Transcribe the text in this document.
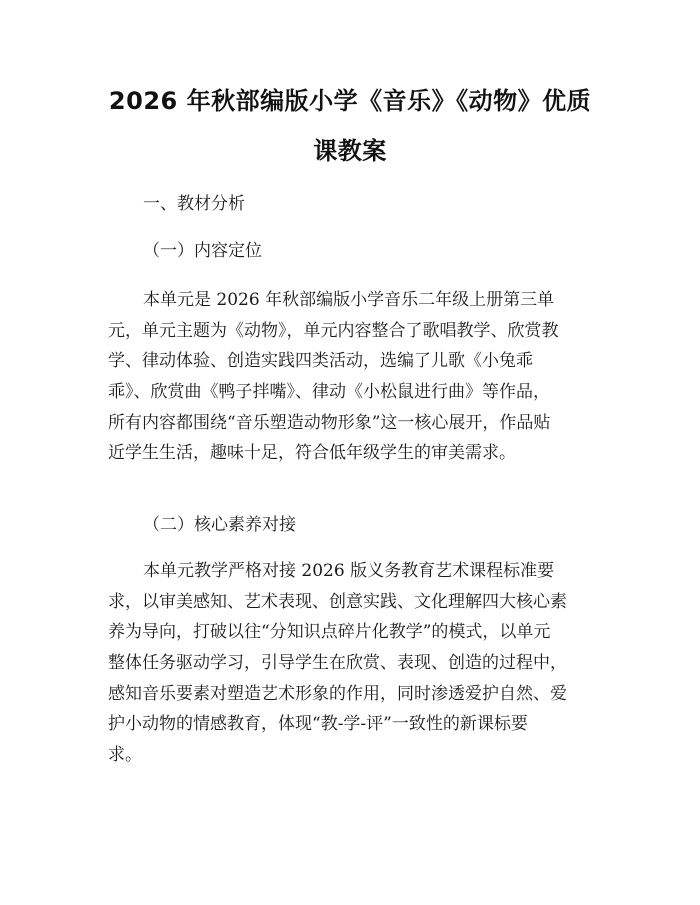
2026 年秋部编版小学《音乐》《动物》优质
课教案
一、教材分析
（一）内容定位
本单元是 2026 年秋部编版小学音乐二年级上册第三单
元，单元主题为《动物》，单元内容整合了歌唱教学、欣赏教
学、律动体验、创造实践四类活动，选编了儿歌《小兔乖
乖》、欣赏曲《鸭子拌嘴》、律动《小松鼠进行曲》等作品，
所有内容都围绕“音乐塑造动物形象”这一核心展开，作品贴
近学生生活，趣味十足，符合低年级学生的审美需求。
（二）核心素养对接
本单元教学严格对接 2026 版义务教育艺术课程标准要
求，以审美感知、艺术表现、创意实践、文化理解四大核心素
养为导向，打破以往“分知识点碎片化教学”的模式，以单元
整体任务驱动学习，引导学生在欣赏、表现、创造的过程中，
感知音乐要素对塑造艺术形象的作用，同时渗透爱护自然、爱
护小动物的情感教育，体现“教-学-评”一致性的新课标要
求。
